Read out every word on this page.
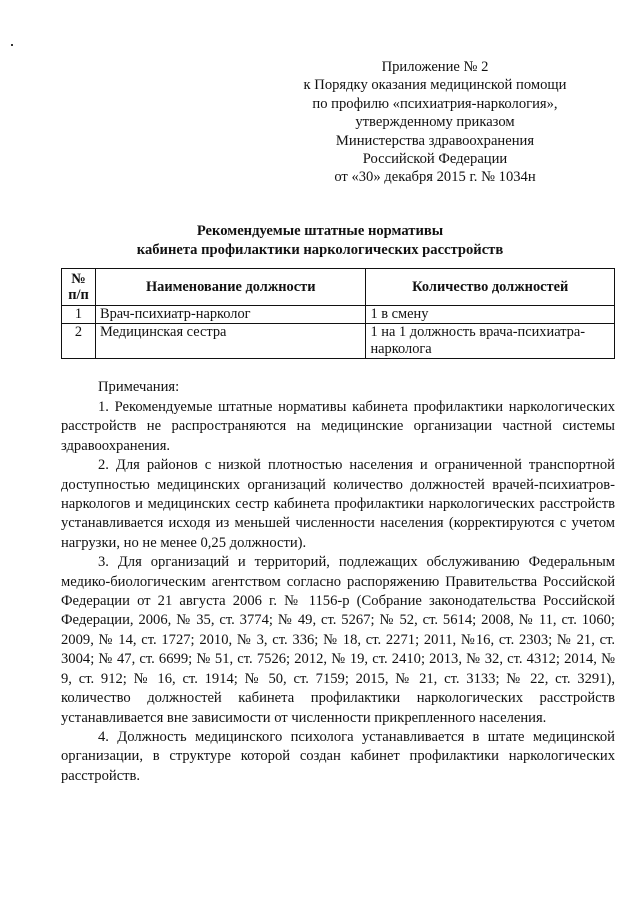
Приложение № 2
к Порядку оказания медицинской помощи
по профилю «психиатрия-наркология»,
утвержденному приказом
Министерства здравоохранения
Российской Федерации
от «30» декабря 2015 г. № 1034н
Рекомендуемые штатные нормативы
кабинета профилактики наркологических расстройств
№ п/п	Наименование должности	Количество должностей
1	Врач-психиатр-нарколог	1 в смену
2	Медицинская сестра	1 на 1 должность врача-психиатра-нарколога
Примечания:

1. Рекомендуемые штатные нормативы кабинета профилактики наркологических расстройств не распространяются на медицинские организации частной системы здравоохранения.

2. Для районов с низкой плотностью населения и ограниченной транспортной доступностью медицинских организаций количество должностей врачей-психиатров-наркологов и медицинских сестр кабинета профилактики наркологических расстройств устанавливается исходя из меньшей численности населения (корректируются с учетом нагрузки, но не менее 0,25 должности).

3. Для организаций и территорий, подлежащих обслуживанию Федеральным медико-биологическим агентством согласно распоряжению Правительства Российской Федерации от 21 августа 2006 г. № 1156-р (Собрание законодательства Российской Федерации, 2006, № 35, ст. 3774; № 49, ст. 5267; № 52, ст. 5614; 2008, № 11, ст. 1060; 2009, № 14, ст. 1727; 2010, № 3, ст. 336; № 18, ст. 2271; 2011, №16, ст. 2303; № 21, ст. 3004; № 47, ст. 6699; № 51, ст. 7526; 2012, № 19, ст. 2410; 2013, № 32, ст. 4312; 2014, № 9, ст. 912; № 16, ст. 1914; № 50, ст. 7159; 2015, № 21, ст. 3133; № 22, ст. 3291), количество должностей кабинета профилактики наркологических расстройств устанавливается вне зависимости от численности прикрепленного населения.

4. Должность медицинского психолога устанавливается в штате медицинской организации, в структуре которой создан кабинет профилактики наркологических расстройств.
